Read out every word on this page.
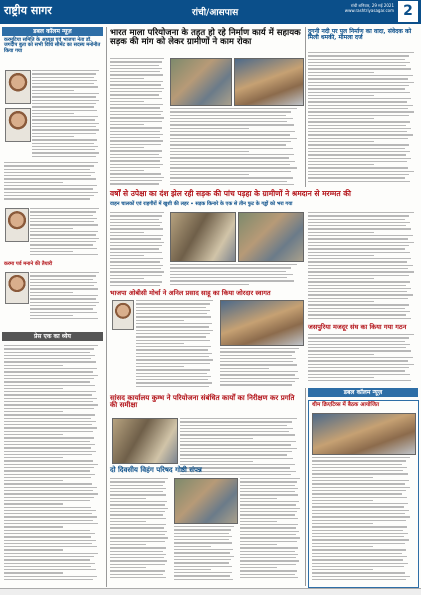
राष्ट्रीय सागर	रांची/आसपास
रांची शनिवार, 29 मई 2021
www.rashtriyasagar.com 2
डबल कॉलम न्यूज़
करमुटिया समिति के अध्यक्ष एवं भाजपा नेता डॉ. जगदीप बुता को सभी विधि सीमेंट का सदस्य मनोनीत किया गया
करमा पर्व मनाने की तैयारी
प्रेस एक का ध्येय
भारत माला परियोजना के तहत हो रहे निर्माण कार्य में सहायक सड़क की मांग को लेकर ग्रामीणों ने काम रोका
दुगनी नदी पर पुल निर्माण का वादा, संवेदक को मिली धमकी, मामला दर्ज
वर्षों से उपेक्षा का दंश झेल रही सड़क की पांच पड़हा के ग्रामीणों ने श्रमदान से मरम्मत की
वाहन चालकों एवं राहगीरों में खुशी की लहर • सड़क किनारे के एक से तीन फुट के गड्ढों को भरा गया
भाजपा ओबीसी मोर्चा ने अनिल प्रसाद साहू का किया जोरदार स्वागत
जसपुरिया मजदूर संघ का किया गया गठन
सांसद कार्यालय कुम्भ ने परियोजना संबंधित कार्यों का निरीक्षण कर प्रगति की समीक्षा
दो दिवसीय विहंग परिषद गोष्ठी संपन्न
डबल कॉलम न्यूज़
थीम क्रिएटिव्स में बैठक आयोजित
